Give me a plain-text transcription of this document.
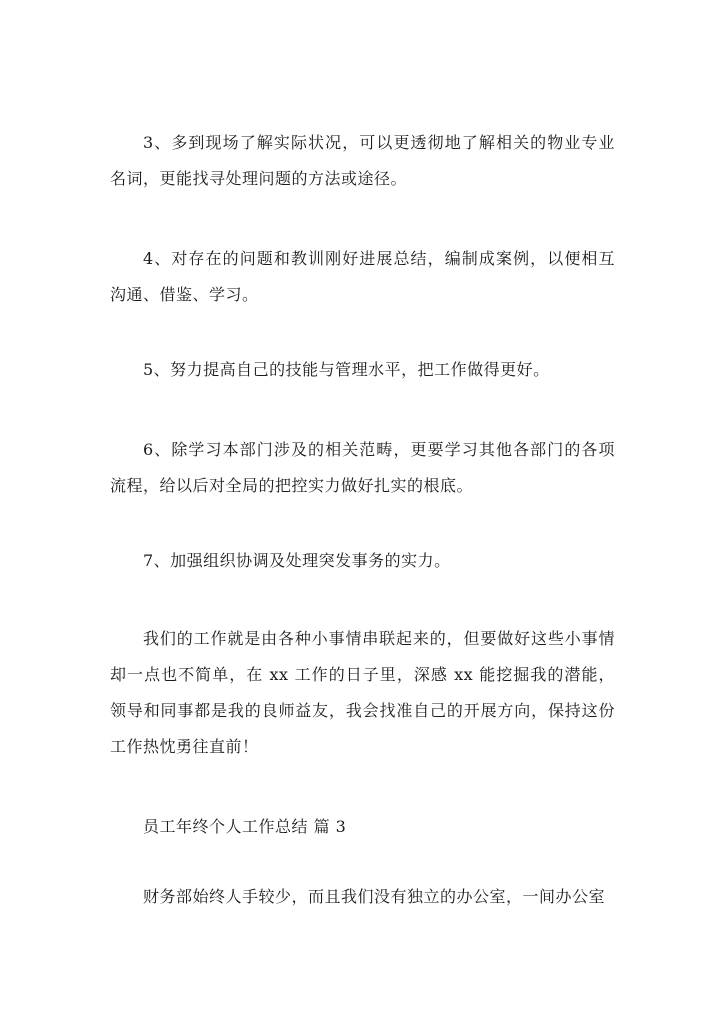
3、多到现场了解实际状况，可以更透彻地了解相关的物业专业名词，更能找寻处理问题的方法或途径。

4、对存在的问题和教训刚好进展总结，编制成案例，以便相互沟通、借鉴、学习。

5、努力提高自己的技能与管理水平，把工作做得更好。

6、除学习本部门涉及的相关范畴，更要学习其他各部门的各项流程，给以后对全局的把控实力做好扎实的根底。

7、加强组织协调及处理突发事务的实力。

我们的工作就是由各种小事情串联起来的，但要做好这些小事情却一点也不简单，在 xx 工作的日子里，深感 xx 能挖掘我的潜能，领导和同事都是我的良师益友，我会找准自己的开展方向，保持这份工作热忱勇往直前！

员工年终个人工作总结 篇 3

财务部始终人手较少，而且我们没有独立的办公室，一间办公室
